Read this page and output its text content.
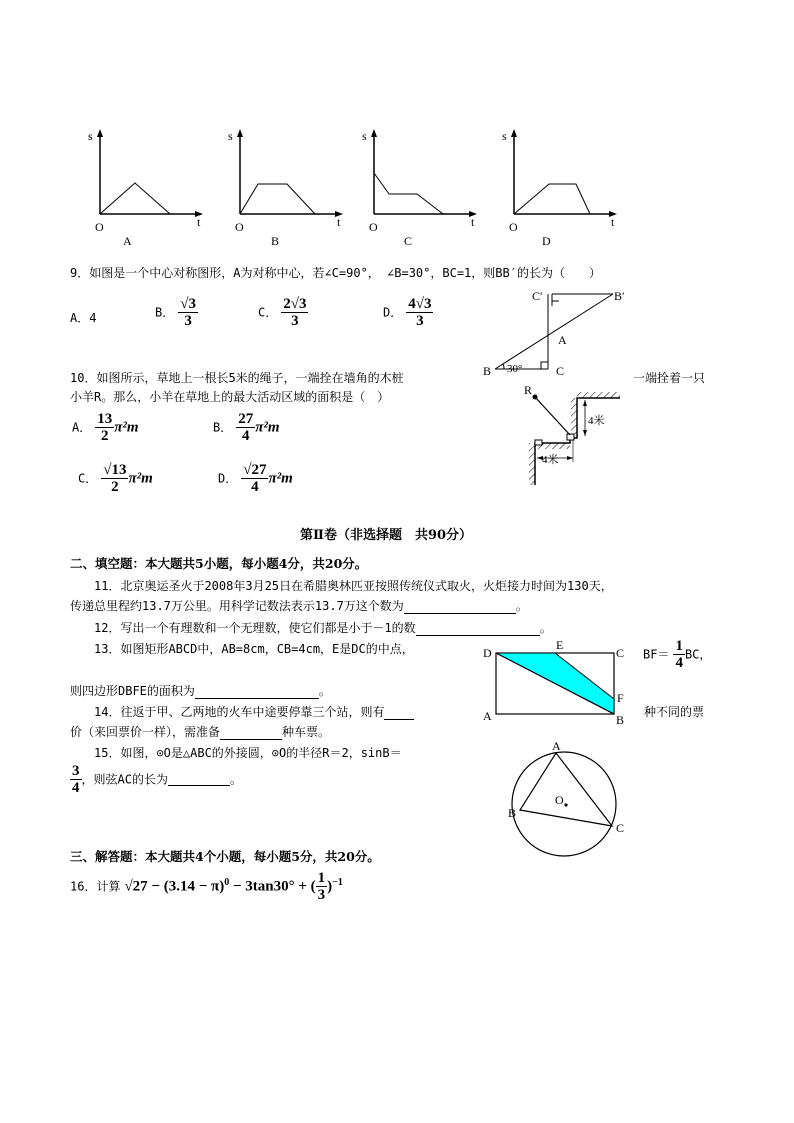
s
t
O
A
s
t
O
B
s
t
O
C
s
t
O
D
9．如图是一个中心对称图形，A为对称中心，若∠C=90°， ∠B=30°，BC=1，则BB′的长为（　　）
A．4	B． $\frac{√3}{3}$	C． $\frac{2√3}{3}$	D． $\frac{4√3}{3}$	C′	B′
A
B	C
30°
10．如图所示，草地上一根长5米的绳子，一端拴在墙角的木桩	一端拴着一只
小羊R。那么，小羊在草地上的最大活动区域的面积是（　）
A． $\frac{13}{2} \pi^2m$	B． $\frac{27}{4} \pi^2m$
C． $\frac{√13}{2} \pi^2m$	D． $\frac{√27}{4} \pi^2m$
R
4米
4米
第Ⅱ卷（非选择题　共90分）
二、填空题：本大题共5小题，每小题4分，共20分。
11．北京奥运圣火于2008年3月25日在希腊奥林匹亚按照传统仪式取火，火炬接力时间为130天，
传递总里程约13.7万公里。用科学记数法表示13.7万这个数为	。
12．写出一个有理数和一个无理数，使它们都是小于－1的数	。
13．如图矩形ABCD中，AB=8cm，CB=4cm，E是DC的中点，	$BF= \frac{1}{4}$ BC，
则四边形DBFE的面积为	。
D
E
C
F
A	B
14．往返于甲、乙两地的火车中途要停靠三个站，则有	种不同的票
价（来回票价一样），需准备	种车票。
15．如图，⊙O是△ABC的外接圆，⊙O的半径R＝2，sinB＝
$\frac{3}{4}$ ，则弦AC的长为	。
A
B
C
O
三、解答题：本大题共4个小题，每小题5分，共20分。
16．计算 $√27 - (3.14 - \pi)^0 - 3\tan 30^\circ$ + ( $\frac{1}{3} )^{-1}$
